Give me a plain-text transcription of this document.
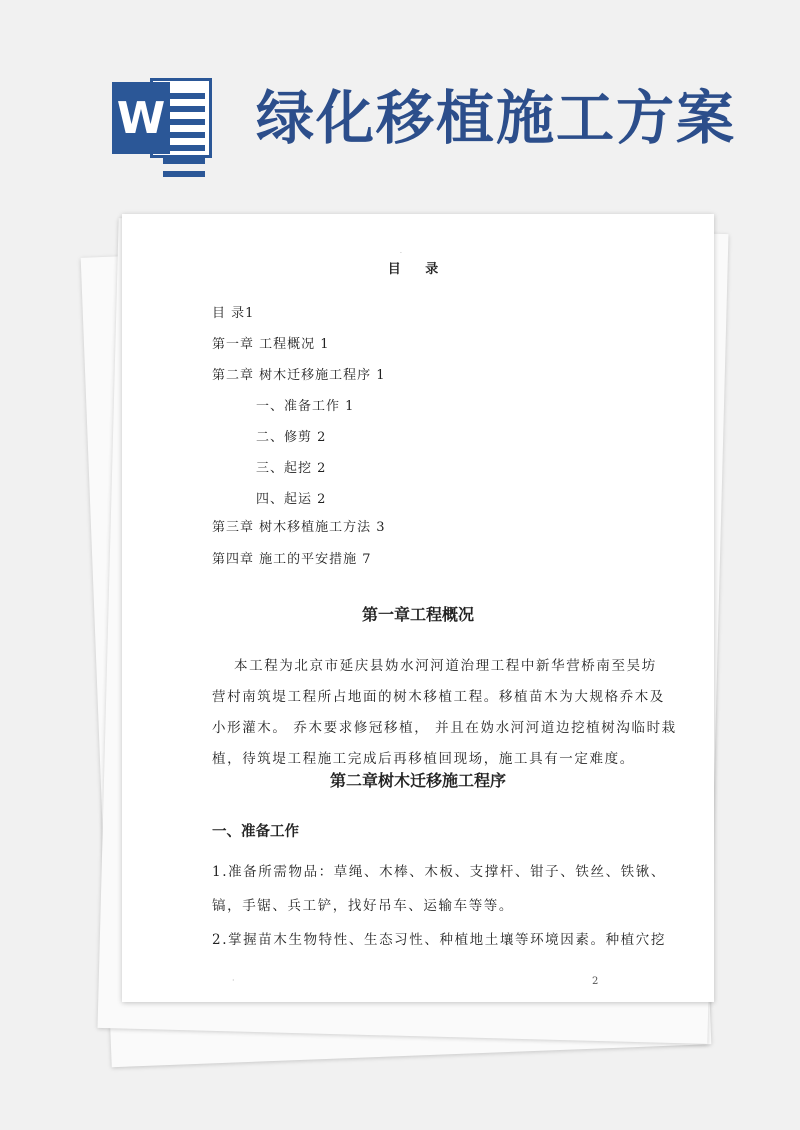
W 绿化移植施工方案
·
目 录
目 录1
第一章 工程概况 1
第二章 树木迁移施工程序 1
一、准备工作 1
二、修剪 2
三、起挖 2
四、起运 2
第三章 树木移植施工方法 3
第四章 施工的平安措施 7
第一章工程概况
本工程为北京市延庆县妫水河河道治理工程中新华营桥南至吴坊
营村南筑堤工程所占地面的树木移植工程。移植苗木为大规格乔木及
小形灌木。 乔木要求修冠移植， 并且在妫水河河道边挖植树沟临时栽
植，待筑堤工程施工完成后再移植回现场，施工具有一定难度。
第二章树木迁移施工程序
一、准备工作
1.准备所需物品：草绳、木棒、木板、支撑杆、钳子、铁丝、铁锹、
镐，手锯、兵工铲，找好吊车、运输车等等。
2.掌握苗木生物特性、生态习性、种植地土壤等环境因素。种植穴挖
·	2
